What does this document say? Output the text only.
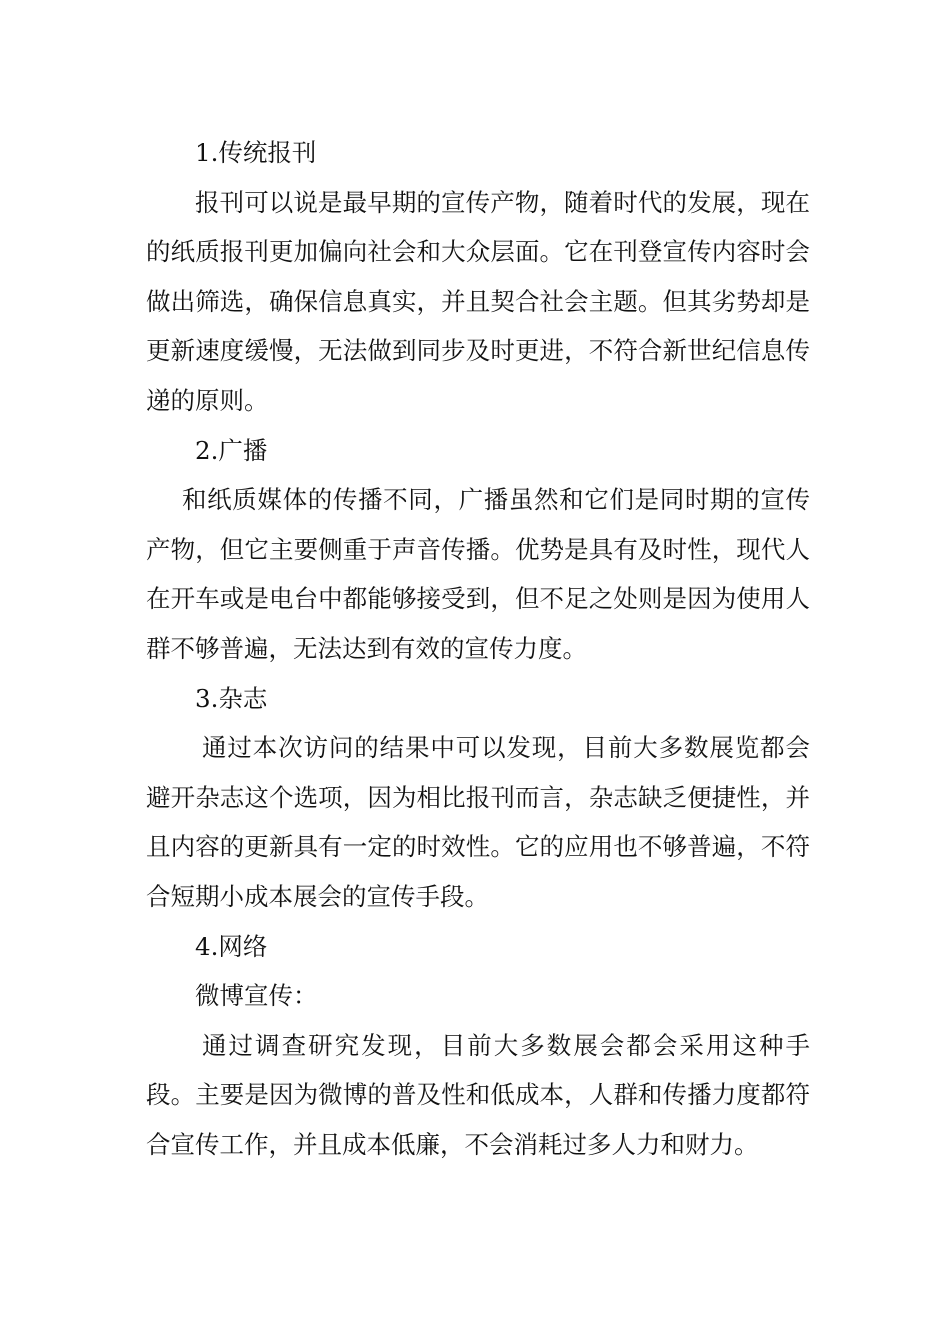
1.传统报刊

报刊可以说是最早期的宣传产物，随着时代的发展，现在的纸质报刊更加偏向社会和大众层面。它在刊登宣传内容时会做出筛选，确保信息真实，并且契合社会主题。但其劣势却是更新速度缓慢，无法做到同步及时更进，不符合新世纪信息传递的原则。

2.广播

和纸质媒体的传播不同，广播虽然和它们是同时期的宣传产物，但它主要侧重于声音传播。优势是具有及时性，现代人在开车或是电台中都能够接受到，但不足之处则是因为使用人群不够普遍，无法达到有效的宣传力度。

3.杂志

通过本次访问的结果中可以发现，目前大多数展览都会避开杂志这个选项，因为相比报刊而言，杂志缺乏便捷性，并且内容的更新具有一定的时效性。它的应用也不够普遍，不符合短期小成本展会的宣传手段。

4.网络

微博宣传：

通过调查研究发现，目前大多数展会都会采用这种手段。主要是因为微博的普及性和低成本，人群和传播力度都符合宣传工作，并且成本低廉，不会消耗过多人力和财力。
